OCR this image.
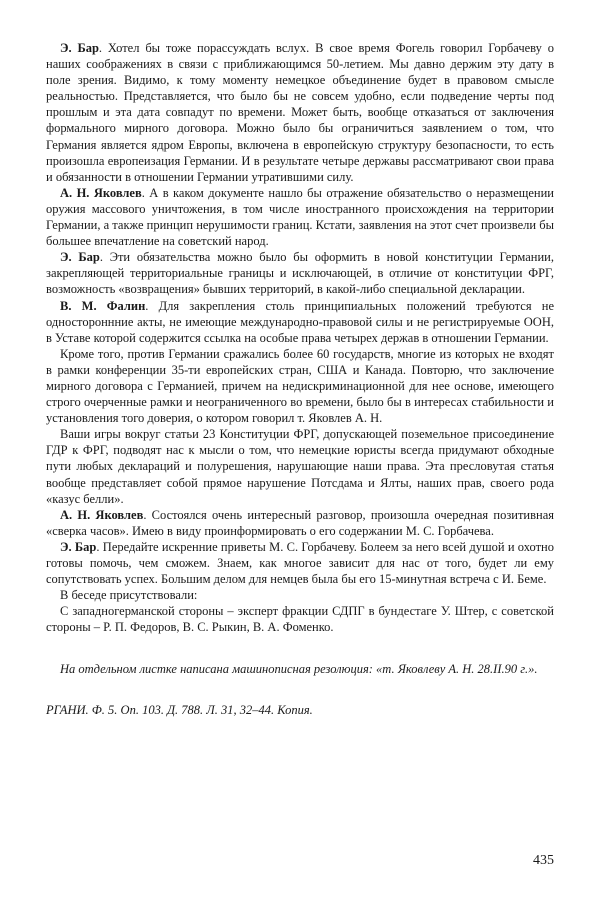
Э. Бар. Хотел бы тоже порассуждать вслух. В свое время Фогель говорил Горбачеву о наших соображениях в связи с приближающимся 50-летием. Мы давно держим эту дату в поле зрения. Видимо, к тому моменту немецкое объединение будет в правовом смысле реальностью. Представляется, что было бы не совсем удобно, если подведение черты под прошлым и эта дата совпадут по времени. Может быть, вообще отказаться от заключения формального мирного договора. Можно было бы ограничиться заявлением о том, что Германия является ядром Европы, включена в европейскую структуру безопасности, то есть произошла европеизация Германии. И в результате четыре державы рассматривают свои права и обязанности в отношении Германии утратившими силу.

А. Н. Яковлев. А в каком документе нашло бы отражение обязательство о неразмещении оружия массового уничтожения, в том числе иностранного происхождения на территории Германии, а также принцип нерушимости границ. Кстати, заявления на этот счет произвели бы большее впечатление на советский народ.

Э. Бар. Эти обязательства можно было бы оформить в новой конституции Германии, закрепляющей территориальные границы и исключающей, в отличие от конституции ФРГ, возможность «возвращения» бывших территорий, в какой-либо специальной декларации.

В. М. Фалин. Для закрепления столь принципиальных положений требуются не одностороннние акты, не имеющие международно-правовой силы и не регистрируемые ООН, в Уставе которой содержится ссылка на особые права четырех держав в отношении Германии.

Кроме того, против Германии сражались более 60 государств, многие из которых не входят в рамки конференции 35-ти европейских стран, США и Канада. Повторю, что заключение мирного договора с Германией, причем на недискриминационной для нее основе, имеющего строго очерченные рамки и неограниченного во времени, было бы в интересах стабильности и установления того доверия, о котором говорил т. Яковлев А. Н.

Ваши игры вокруг статьи 23 Конституции ФРГ, допускающей поземельное присоединение ГДР к ФРГ, подводят нас к мысли о том, что немецкие юристы всегда придумают обходные пути любых деклараций и полурешения, нарушающие наши права. Эта пресловутая статья вообще представляет собой прямое нарушение Потсдама и Ялты, наших прав, своего рода «казус белли».

А. Н. Яковлев. Состоялся очень интересный разговор, произошла очередная позитивная «сверка часов». Имею в виду проинформировать о его содержании М. С. Горбачева.

Э. Бар. Передайте искренние приветы М. С. Горбачеву. Болеем за него всей душой и охотно готовы помочь, чем сможем. Знаем, как многое зависит для нас от того, будет ли ему сопутствовать успех. Большим делом для немцев была бы его 15-минутная встреча с И. Беме.

В беседе присутствовали:

С западногерманской стороны – эксперт фракции СДПГ в бундестаге У. Штер, с советской стороны – Р. П. Федоров, В. С. Рыкин, В. А. Фоменко.

На отдельном листке написана машинописная резолюция: «т. Яковлеву А. Н. 28.II.90 г.».

РГАНИ. Ф. 5. Оп. 103. Д. 788. Л. 31, 32–44. Копия.

435
